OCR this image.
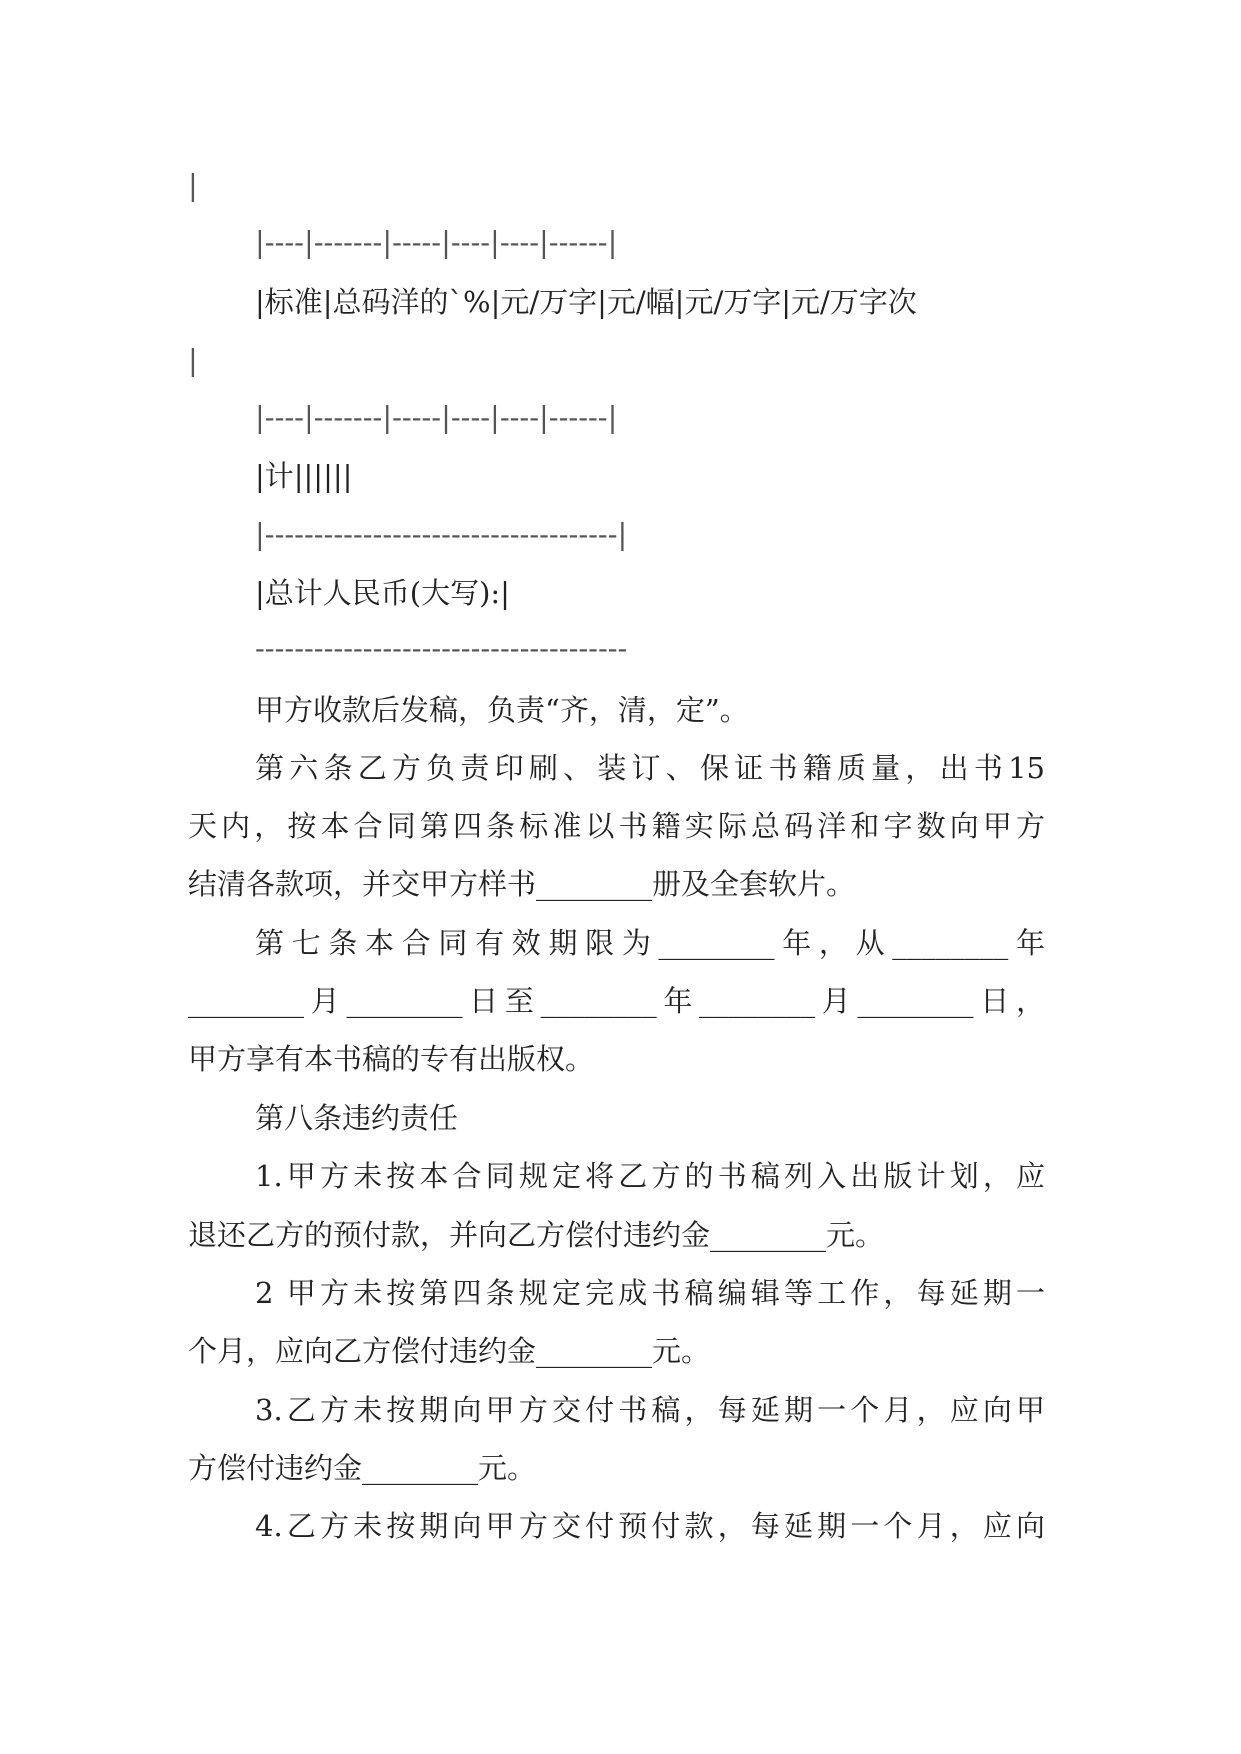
|
|----|-------|-----|----|----|------|
|标准|总码洋的`%|元/万字|元/幅|元/万字|元/万字次
|
|----|-------|-----|----|----|------|
|计||||||
|------------------------------------|
|总计人民币(大写):|
--------------------------------------
甲方收款后发稿，负责“齐，清，定”。
第六条乙方负责印刷、装订、保证书籍质量，出书15
天内，按本合同第四条标准以书籍实际总码洋和字数向甲方
结清各款项，并交甲方样书________册及全套软片。
第七条本合同有效期限为________年，从________年
________月________日至________年________月________日，
甲方享有本书稿的专有出版权。
第八条违约责任
1.甲方未按本合同规定将乙方的书稿列入出版计划，应
退还乙方的预付款，并向乙方偿付违约金________元。
2 甲方未按第四条规定完成书稿编辑等工作，每延期一
个月，应向乙方偿付违约金________元。
3.乙方未按期向甲方交付书稿，每延期一个月，应向甲
方偿付违约金________元。
4.乙方未按期向甲方交付预付款，每延期一个月，应向
